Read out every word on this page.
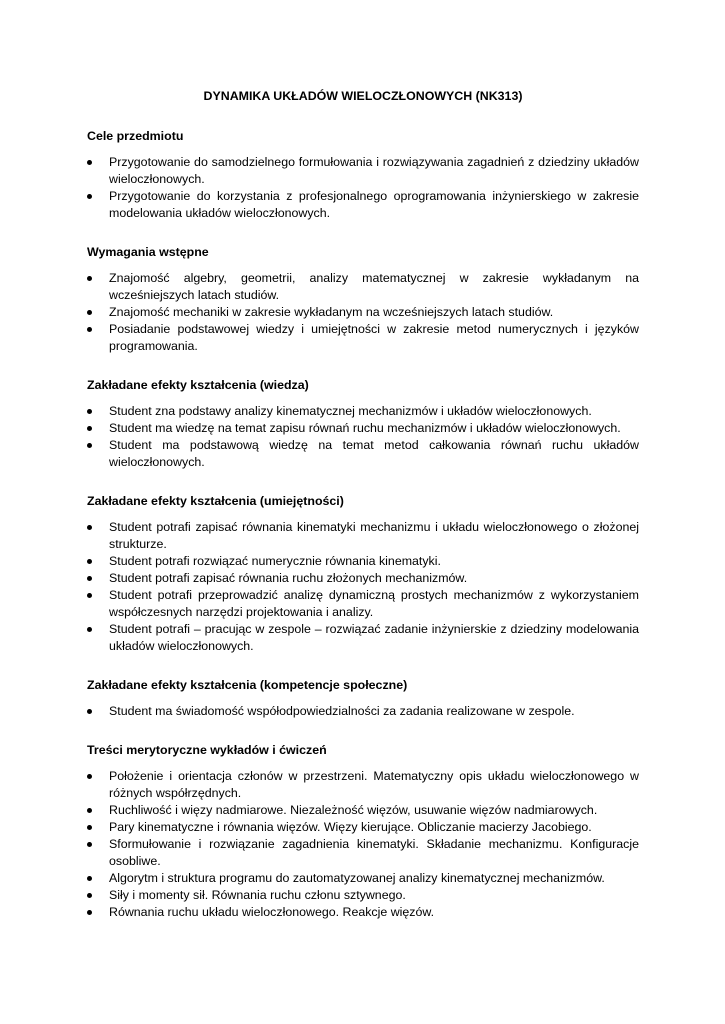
DYNAMIKA UKŁADÓW WIELOCZŁONOWYCH (NK313)
Cele przedmiotu
Przygotowanie do samodzielnego formułowania i rozwiązywania zagadnień z dziedziny układów wieloczłonowych.
Przygotowanie do korzystania z profesjonalnego oprogramowania inżynierskiego w zakresie modelowania układów wieloczłonowych.
Wymagania wstępne
Znajomość algebry, geometrii, analizy matematycznej w zakresie wykładanym na wcześniejszych latach studiów.
Znajomość mechaniki w zakresie wykładanym na wcześniejszych latach studiów.
Posiadanie podstawowej wiedzy i umiejętności w zakresie metod numerycznych i języków programowania.
Zakładane efekty kształcenia (wiedza)
Student zna podstawy analizy kinematycznej mechanizmów i układów wieloczłonowych.
Student ma wiedzę na temat zapisu równań ruchu mechanizmów i układów wieloczłonowych.
Student ma podstawową wiedzę na temat metod całkowania równań ruchu układów wieloczłonowych.
Zakładane efekty kształcenia (umiejętności)
Student potrafi zapisać równania kinematyki mechanizmu i układu wieloczłonowego o złożonej strukturze.
Student potrafi rozwiązać numerycznie równania kinematyki.
Student potrafi zapisać równania ruchu złożonych mechanizmów.
Student potrafi przeprowadzić analizę dynamiczną prostych mechanizmów z wykorzystaniem współczesnych narzędzi projektowania i analizy.
Student potrafi – pracując w zespole – rozwiązać zadanie inżynierskie z dziedziny modelowania układów wieloczłonowych.
Zakładane efekty kształcenia (kompetencje społeczne)
Student ma świadomość współodpowiedzialności za zadania realizowane w zespole.
Treści merytoryczne wykładów i ćwiczeń
Położenie i orientacja członów w przestrzeni. Matematyczny opis układu wieloczłonowego w różnych współrzędnych.
Ruchliwość i więzy nadmiarowe. Niezależność więzów, usuwanie więzów nadmiarowych.
Pary kinematyczne i równania więzów. Więzy kierujące. Obliczanie macierzy Jacobiego.
Sformułowanie i rozwiązanie zagadnienia kinematyki. Składanie mechanizmu. Konfiguracje osobliwe.
Algorytm i struktura programu do zautomatyzowanej analizy kinematycznej mechanizmów.
Siły i momenty sił. Równania ruchu członu sztywnego.
Równania ruchu układu wieloczłonowego. Reakcje więzów.
